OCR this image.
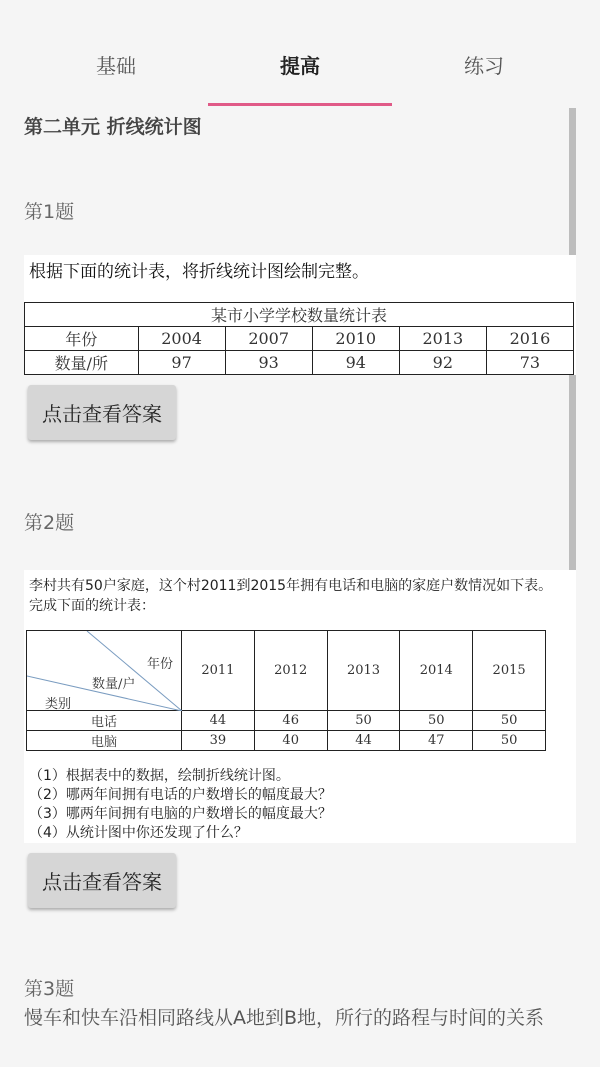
基础	提高	练习
第二单元 折线统计图
第1题
根据下面的统计表，将折线统计图绘制完整。
某市小学学校数量统计表					
年份	2004	2007	2010	2013	2016
数量/所	97	93	94	92	73
点击查看答案
第2题
李村共有50户家庭，这个村2011到2015年拥有电话和电脑的家庭户数情况如下表。
完成下面的统计表：
年份
数量/户
类别	2011	2012	2013	2014	2015
电话	44	46	50	50	50
电脑	39	40	44	47	50
（1）根据表中的数据，绘制折线统计图。
（2）哪两年间拥有电话的户数增长的幅度最大？
（3）哪两年间拥有电脑的户数增长的幅度最大？
（4）从统计图中你还发现了什么？
点击查看答案
第3题
慢车和快车沿相同路线从A地到B地，所行的路程与时间的关系
